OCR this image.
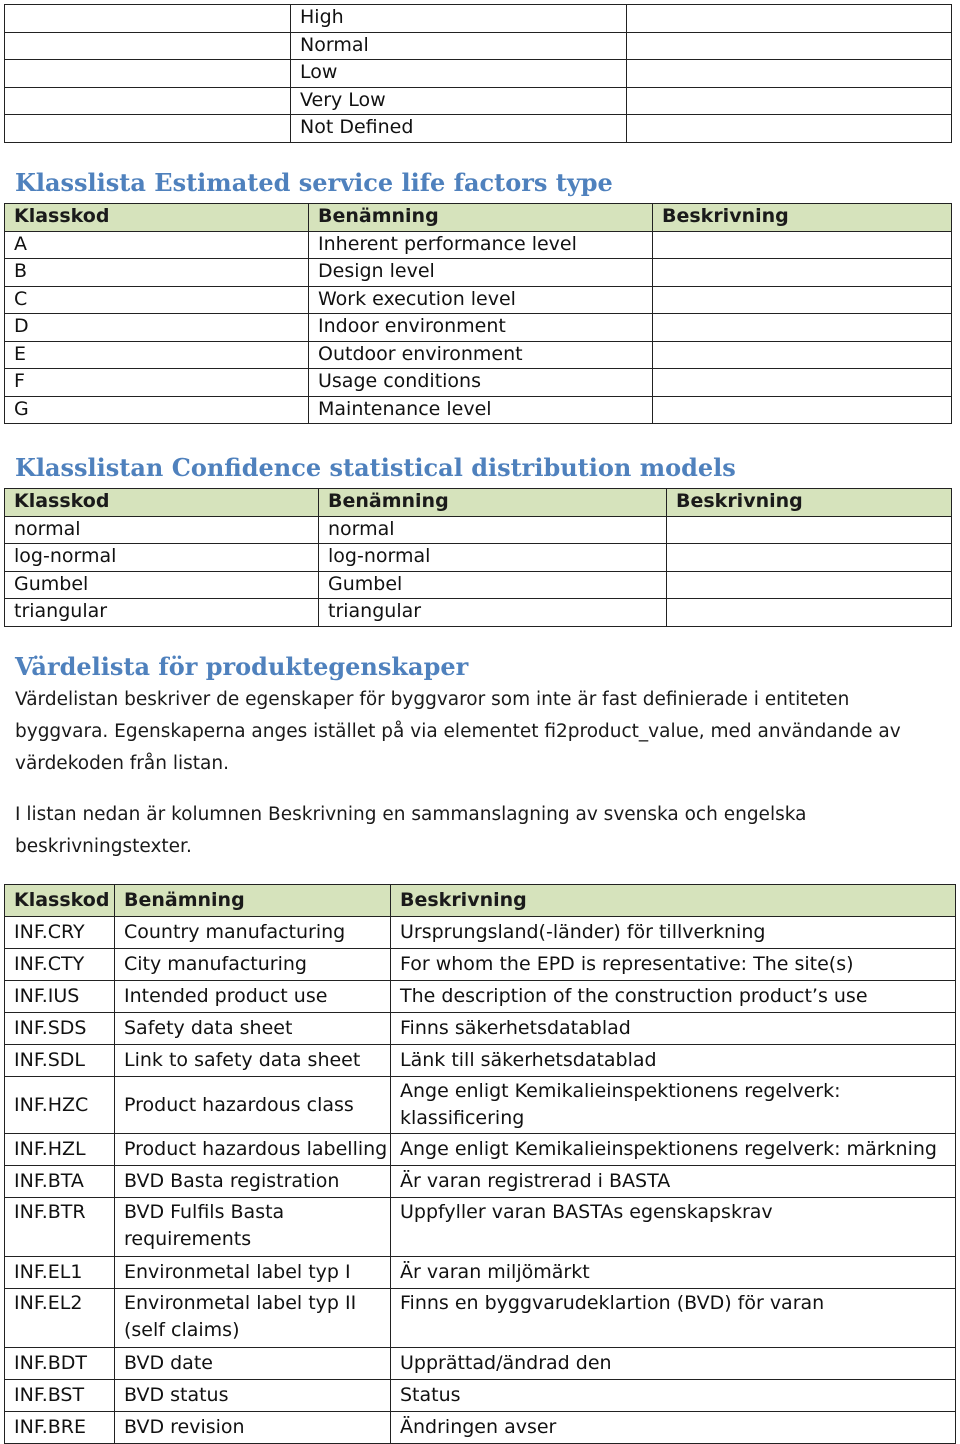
	High	
	Normal	
	Low	
	Very Low	
	Not Defined	
Klasslista Estimated service life factors type
Klasskod	Benämning	Beskrivning
A	Inherent performance level	
B	Design level	
C	Work execution level	
D	Indoor environment	
E	Outdoor environment	
F	Usage conditions	
G	Maintenance level	
Klasslistan Confidence statistical distribution models
Klasskod	Benämning	Beskrivning
normal	normal	
log-normal	log-normal	
Gumbel	Gumbel	
triangular	triangular	
Värdelista för produktegenskaper
Värdelistan beskriver de egenskaper för byggvaror som inte är fast definierade i entiteten byggvara. Egenskaperna anges istället på via elementet fi2product_value, med användande av värdekoden från listan.
I listan nedan är kolumnen Beskrivning en sammanslagning av svenska och engelska beskrivningstexter.
Klasskod	Benämning	Beskrivning
INF.CRY	Country manufacturing	Ursprungsland(-länder) för tillverkning
INF.CTY	City manufacturing	For whom the EPD is representative: The site(s)
INF.IUS	Intended product use	The description of the construction product’s use
INF.SDS	Safety data sheet	Finns säkerhetsdatablad
INF.SDL	Link to safety data sheet	Länk till säkerhetsdatablad
INF.HZC	Product hazardous class	Ange enligt Kemikalieinspektionens regelverk: klassificering
INF.HZL	Product hazardous labelling	Ange enligt Kemikalieinspektionens regelverk: märkning
INF.BTA	BVD Basta registration	Är varan registrerad i BASTA
INF.BTR	BVD Fulfils Basta requirements	Uppfyller varan BASTAs egenskapskrav
INF.EL1	Environmetal label typ I	Är varan miljömärkt
INF.EL2	Environmetal label typ II (self claims)	Finns en byggvarudeklartion (BVD) för varan
INF.BDT	BVD date	Upprättad/ändrad den
INF.BST	BVD status	Status
INF.BRE	BVD revision	Ändringen avser
